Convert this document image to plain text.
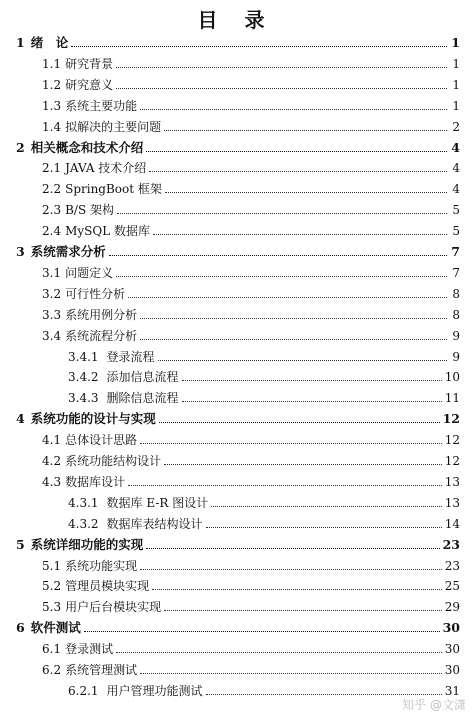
目 录
1 绪　论	1
1.1 研究背景	1
1.2 研究意义	1
1.3 系统主要功能	1
1.4 拟解决的主要问题	2
2 相关概念和技术介绍	4
2.1 JAVA 技术介绍	4
2.2 SpringBoot 框架	4
2.3 B/S 架构	5
2.4 MySQL 数据库	5
3 系统需求分析	7
3.1 问题定义	7
3.2 可行性分析	8
3.3 系统用例分析	8
3.4 系统流程分析	9
3.4.1 登录流程	9
3.4.2 添加信息流程	10
3.4.3 删除信息流程	11
4 系统功能的设计与实现	12
4.1 总体设计思路	12
4.2 系统功能结构设计	12
4.3 数据库设计	13
4.3.1 数据库 E-R 图设计	13
4.3.2 数据库表结构设计	14
5 系统详细功能的实现	23
5.1 系统功能实现	23
5.2 管理员模块实现	25
5.3 用户后台模块实现	29
6 软件测试	30
6.1 登录测试	30
6.2 系统管理测试	30
6.2.1 用户管理功能测试	31
知乎 @文潇
